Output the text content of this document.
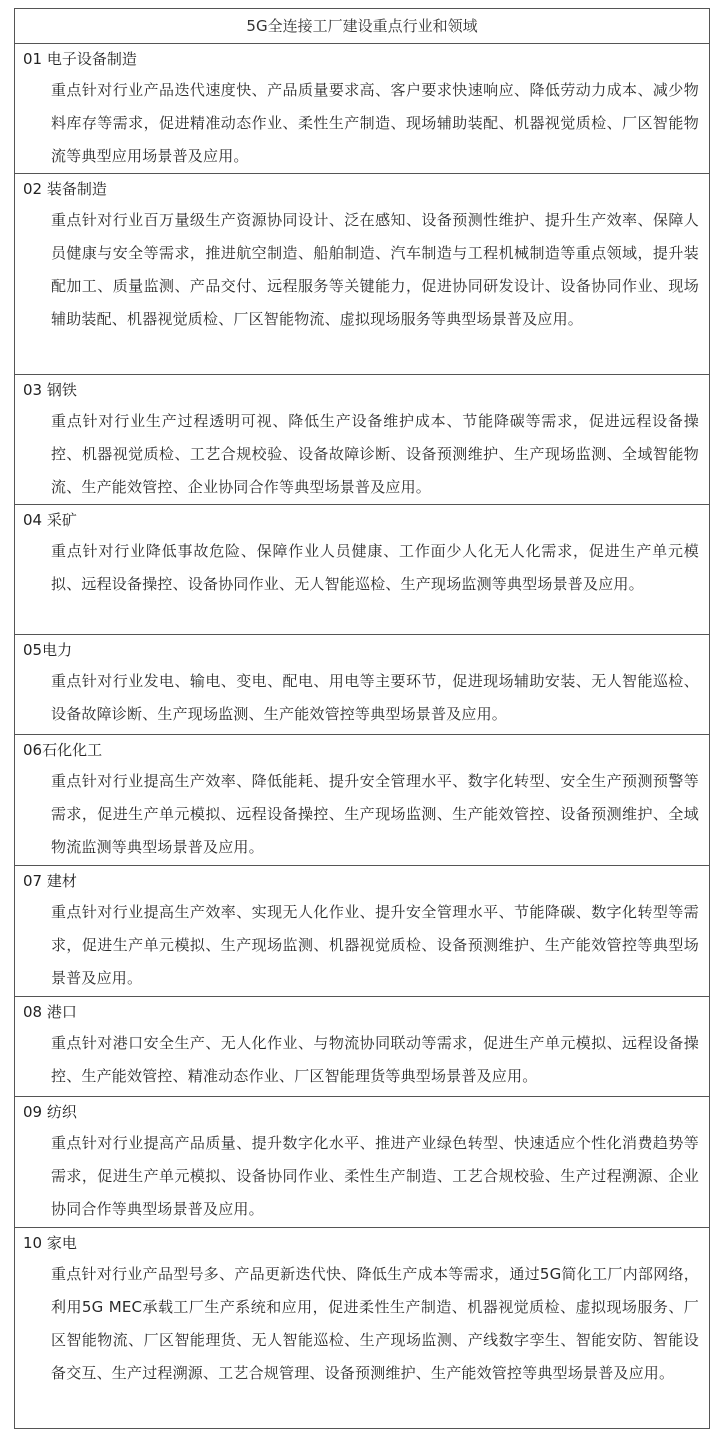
5G全连接工厂建设重点行业和领域
01 电子设备制造
重点针对行业产品迭代速度快、产品质量要求高、客户要求快速响应、降低劳动力成本、减少物料库存等需求，促进精准动态作业、柔性生产制造、现场辅助装配、机器视觉质检、厂区智能物流等典型应用场景普及应用。
02 装备制造
重点针对行业百万量级生产资源协同设计、泛在感知、设备预测性维护、提升生产效率、保障人员健康与安全等需求，推进航空制造、船舶制造、汽车制造与工程机械制造等重点领域，提升装配加工、质量监测、产品交付、远程服务等关键能力，促进协同研发设计、设备协同作业、现场辅助装配、机器视觉质检、厂区智能物流、虚拟现场服务等典型场景普及应用。
03 钢铁
重点针对行业生产过程透明可视、降低生产设备维护成本、节能降碳等需求，促进远程设备操控、机器视觉质检、工艺合规校验、设备故障诊断、设备预测维护、生产现场监测、全域智能物流、生产能效管控、企业协同合作等典型场景普及应用。
04 采矿
重点针对行业降低事故危险、保障作业人员健康、工作面少人化无人化需求，促进生产单元模拟、远程设备操控、设备协同作业、无人智能巡检、生产现场监测等典型场景普及应用。
05电力
重点针对行业发电、输电、变电、配电、用电等主要环节，促进现场辅助安装、无人智能巡检、设备故障诊断、生产现场监测、生产能效管控等典型场景普及应用。
06石化化工
重点针对行业提高生产效率、降低能耗、提升安全管理水平、数字化转型、安全生产预测预警等需求，促进生产单元模拟、远程设备操控、生产现场监测、生产能效管控、设备预测维护、全域物流监测等典型场景普及应用。
07 建材
重点针对行业提高生产效率、实现无人化作业、提升安全管理水平、节能降碳、数字化转型等需求，促进生产单元模拟、生产现场监测、机器视觉质检、设备预测维护、生产能效管控等典型场景普及应用。
08 港口
重点针对港口安全生产、无人化作业、与物流协同联动等需求，促进生产单元模拟、远程设备操控、生产能效管控、精准动态作业、厂区智能理货等典型场景普及应用。
09 纺织
重点针对行业提高产品质量、提升数字化水平、推进产业绿色转型、快速适应个性化消费趋势等需求，促进生产单元模拟、设备协同作业、柔性生产制造、工艺合规校验、生产过程溯源、企业协同合作等典型场景普及应用。
10 家电
重点针对行业产品型号多、产品更新迭代快、降低生产成本等需求，通过5G简化工厂内部网络，利用5G MEC承载工厂生产系统和应用，促进柔性生产制造、机器视觉质检、虚拟现场服务、厂区智能物流、厂区智能理货、无人智能巡检、生产现场监测、产线数字孪生、智能安防、智能设备交互、生产过程溯源、工艺合规管理、设备预测维护、生产能效管控等典型场景普及应用。
